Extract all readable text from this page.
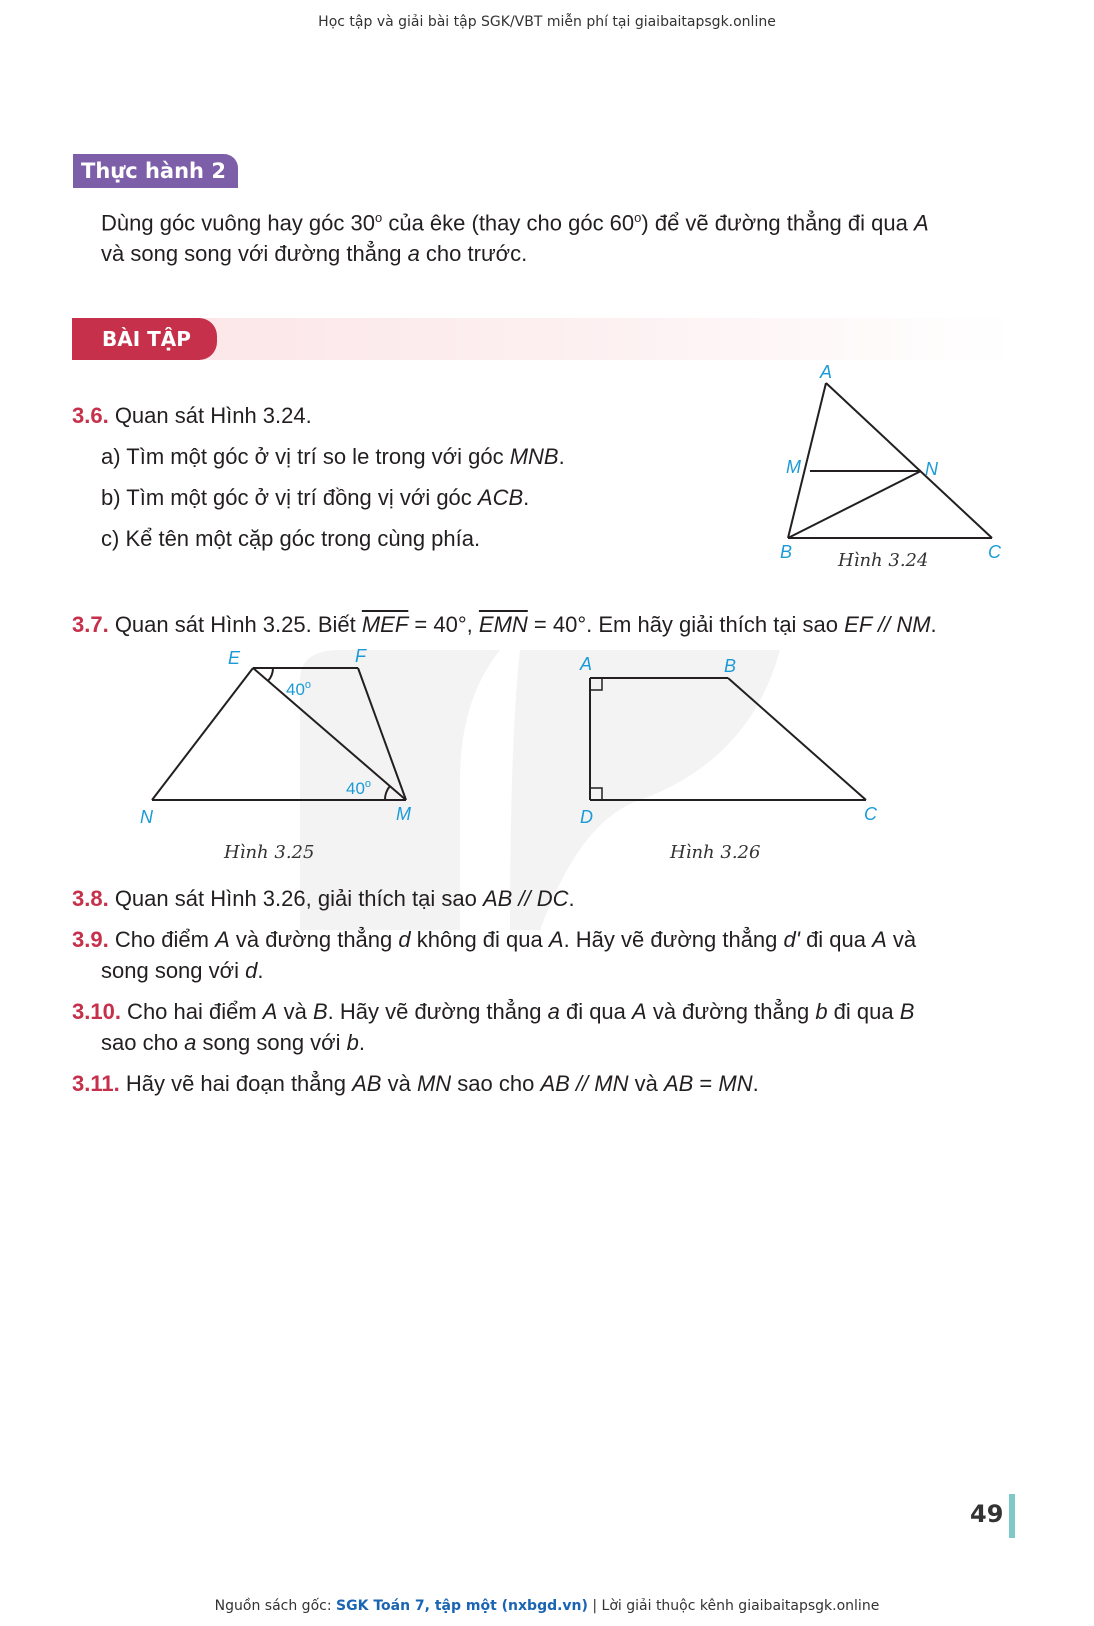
Học tập và giải bài tập SGK/VBT miễn phí tại giaibaitapsgk.online
Thực hành 2
Dùng góc vuông hay góc 30$^o$ của êke (thay cho góc 60$^o$) để vẽ đường thẳng đi qua A
và song song với đường thẳng a cho trước.
BÀI TẬP
3.6. Quan sát Hình 3.24.
a) Tìm một góc ở vị trí so le trong với góc MNB.
b) Tìm một góc ở vị trí đồng vị với góc ACB.
c) Kể tên một cặp góc trong cùng phía.
A
M	N
B	C
Hình 3.24
3.7. Quan sát Hình 3.25. Biết $\overline{MEF} = 40^\circ$, $\overline{EMN} = 40^\circ$. Em hãy giải thích tại sao EF // NM.
E	F
N	M
40$^o$
40$^o$
Hình 3.25
A	B
D	C
Hình 3.26
3.8. Quan sát Hình 3.26, giải thích tại sao AB // DC.
3.9. Cho điểm A và đường thẳng d không đi qua A. Hãy vẽ đường thẳng d' đi qua A và
song song với d.
3.10. Cho hai điểm A và B. Hãy vẽ đường thẳng a đi qua A và đường thẳng b đi qua B
sao cho a song song với b.
3.11. Hãy vẽ hai đoạn thẳng AB và MN sao cho AB // MN và AB = MN.
49
Nguồn sách gốc: SGK Toán 7, tập một (nxbgd.vn) | Lời giải thuộc kênh giaibaitapsgk.online
